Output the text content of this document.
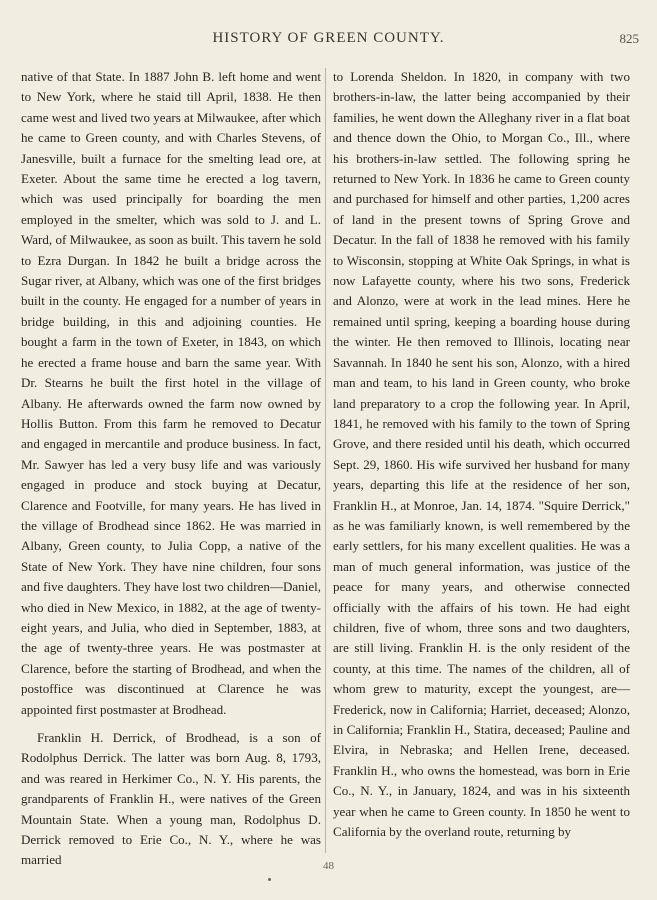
HISTORY OF GREEN COUNTY.	825

native of that State. In 1887 John B. left home and went to New York, where he staid till April, 1838. He then came west and lived two years at Milwaukee, after which he came to Green county, and with Charles Stevens, of Janesville, built a furnace for the smelting lead ore, at Exeter. About the same time he erected a log tavern, which was used principally for boarding the men employed in the smelter, which was sold to J. and L. Ward, of Milwaukee, as soon as built. This tavern he sold to Ezra Durgan. In 1842 he built a bridge across the Sugar river, at Albany, which was one of the first bridges built in the county. He engaged for a number of years in bridge building, in this and adjoining counties. He bought a farm in the town of Exeter, in 1843, on which he erected a frame house and barn the same year. With Dr. Stearns he built the first hotel in the village of Albany. He afterwards owned the farm now owned by Hollis Button. From this farm he removed to Decatur and engaged in mercantile and produce business. In fact, Mr. Sawyer has led a very busy life and was variously engaged in produce and stock buying at Decatur, Clarence and Footville, for many years. He has lived in the village of Brodhead since 1862. He was married in Albany, Green county, to Julia Copp, a native of the State of New York. They have nine children, four sons and five daughters. They have lost two children—Daniel, who died in New Mexico, in 1882, at the age of twenty-eight years, and Julia, who died in September, 1883, at the age of twenty-three years. He was postmaster at Clarence, before the starting of Brodhead, and when the postoffice was discontinued at Clarence he was appointed first postmaster at Brodhead.

Franklin H. Derrick, of Brodhead, is a son of Rodolphus Derrick. The latter was born Aug. 8, 1793, and was reared in Herkimer Co., N. Y. His parents, the grandparents of Franklin H., were natives of the Green Mountain State. When a young man, Rodolphus D. Derrick removed to Erie Co., N. Y., where he was married

to Lorenda Sheldon. In 1820, in company with two brothers-in-law, the latter being accompanied by their families, he went down the Alleghany river in a flat boat and thence down the Ohio, to Morgan Co., Ill., where his brothers-in-law settled. The following spring he returned to New York. In 1836 he came to Green county and purchased for himself and other parties, 1,200 acres of land in the present towns of Spring Grove and Decatur. In the fall of 1838 he removed with his family to Wisconsin, stopping at White Oak Springs, in what is now Lafayette county, where his two sons, Frederick and Alonzo, were at work in the lead mines. Here he remained until spring, keeping a boarding house during the winter. He then removed to Illinois, locating near Savannah. In 1840 he sent his son, Alonzo, with a hired man and team, to his land in Green county, who broke land preparatory to a crop the following year. In April, 1841, he removed with his family to the town of Spring Grove, and there resided until his death, which occurred Sept. 29, 1860. His wife survived her husband for many years, departing this life at the residence of her son, Franklin H., at Monroe, Jan. 14, 1874. "Squire Derrick," as he was familiarly known, is well remembered by the early settlers, for his many excellent qualities. He was a man of much general information, was justice of the peace for many years, and otherwise connected officially with the affairs of his town. He had eight children, five of whom, three sons and two daughters, are still living. Franklin H. is the only resident of the county, at this time. The names of the children, all of whom grew to maturity, except the youngest, are—Frederick, now in California; Harriet, deceased; Alonzo, in California; Franklin H., Statira, deceased; Pauline and Elvira, in Nebraska; and Hellen Irene, deceased. Franklin H., who owns the homestead, was born in Erie Co., N. Y., in January, 1824, and was in his sixteenth year when he came to Green county. In 1850 he went to California by the overland route, returning by

48
